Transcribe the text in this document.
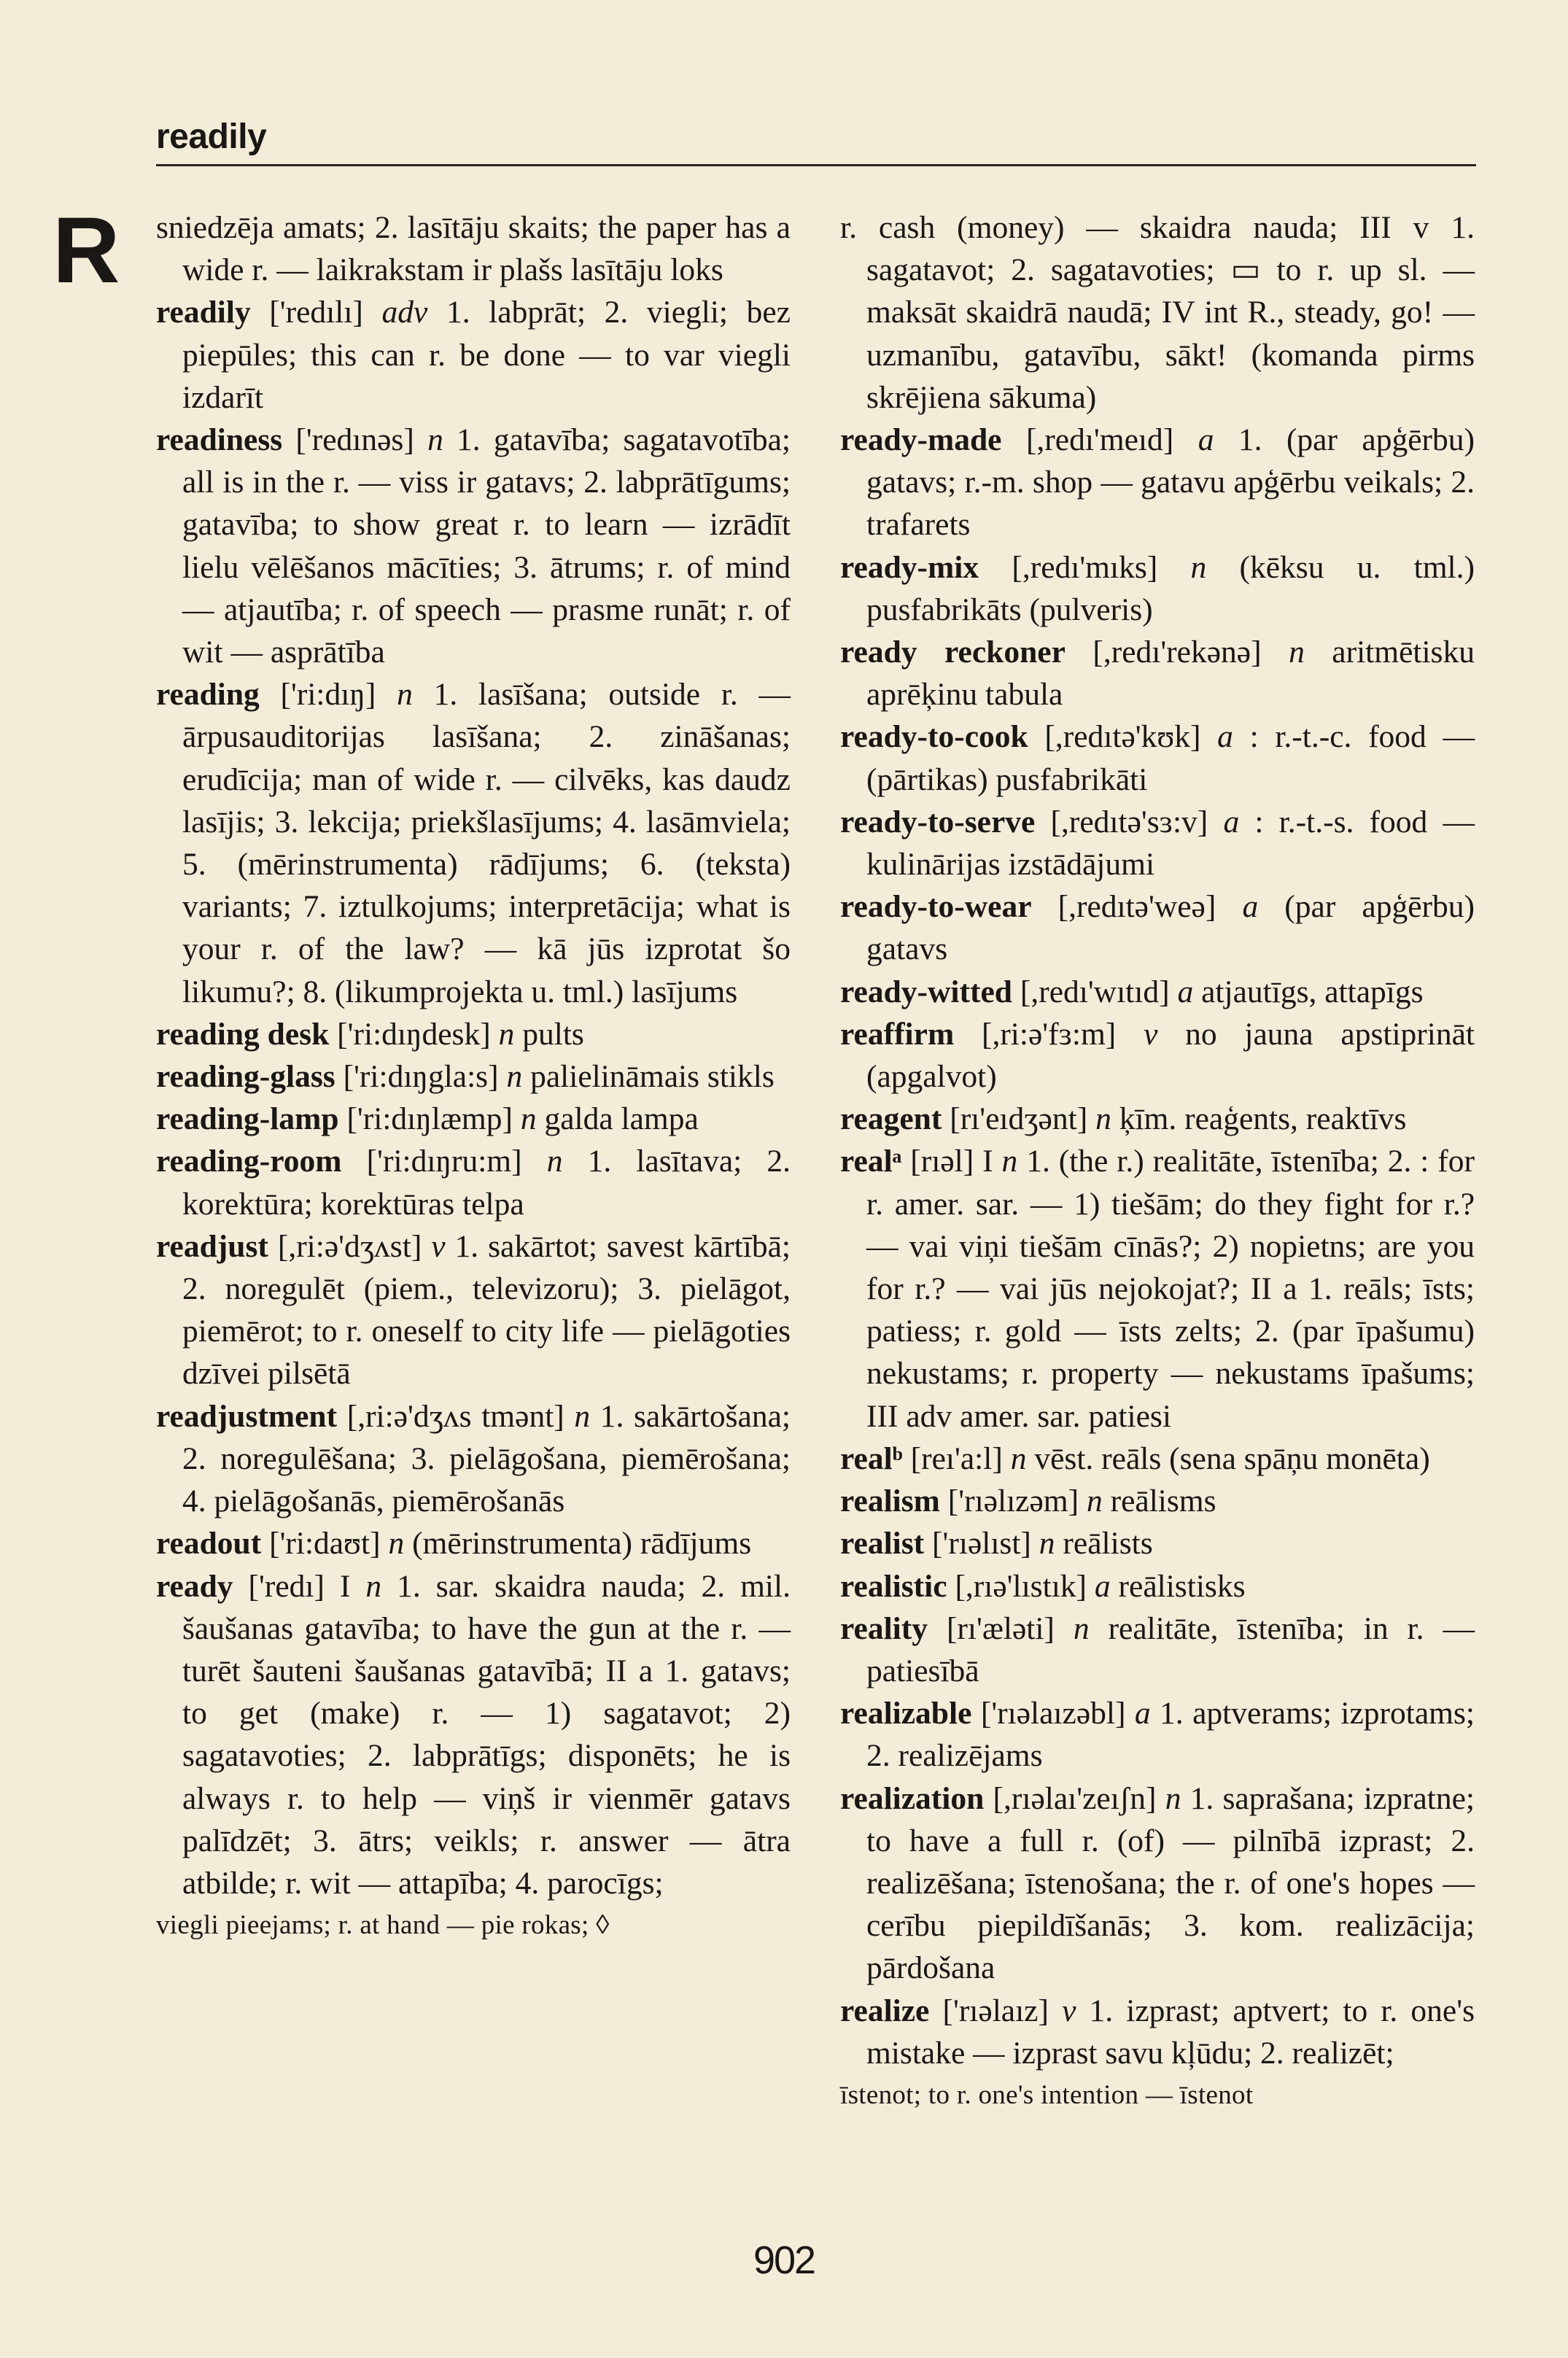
readily
R sniedzēja amats; 2. lasītāju skaits; the paper has a wide r. — laikrakstam ir plašs lasītāju loks

readily ['redılı] adv 1. labprāt; 2. viegli; bez piepūles; this can r. be done — to var viegli izdarīt

readiness ['redınəs] n 1. gatavība; sagatavotība; all is in the r. — viss ir gatavs; 2. labprātīgums; gatavība; to show great r. to learn — izrādīt lielu vēlēšanos mācīties; 3. ātrums; r. of mind — atjautība; r. of speech — prasme runāt; r. of wit — asprātība

reading ['ri:dıŋ] n 1. lasīšana; outside r. — ārpusauditorijas lasīšana; 2. zināšanas; erudīcija; man of wide r. — cilvēks, kas daudz lasījis; 3. lekcija; priekšlasījums; 4. lasāmviela; 5. (mērinstrumenta) rādījums; 6. (teksta) variants; 7. iztulkojums; interpretācija; what is your r. of the law? — kā jūs izprotat šo likumu?; 8. (likumprojekta u. tml.) lasījums

reading desk ['ri:dıŋdesk] n pults

reading-glass ['ri:dıŋgla:s] n palielināmais stikls

reading-lamp ['ri:dıŋlæmp] n galda lampa

reading-room ['ri:dıŋru:m] n 1. lasītava; 2. korektūra; korektūras telpa

readjust [,ri:ə'dʒʌst] v 1. sakārtot; savest kārtībā; 2. noregulēt (piem., televizoru); 3. pielāgot, piemērot; to r. oneself to city life — pielāgoties dzīvei pilsētā

readjustment [,ri:ə'dʒʌs tmənt] n 1. sakārtošana; 2. noregulēšana; 3. pielāgošana, piemērošana; 4. pielāgošanās, piemērošanās

readout ['ri:daʊt] n (mērinstrumenta) rādījums

ready ['redı] I n 1. sar. skaidra nauda; 2. mil. šaušanas gatavība; to have the gun at the r. — turēt šauteni šaušanas gatavībā; II a 1. gatavs; to get (make) r. — 1) sagatavot; 2) sagatavoties; 2. labprātīgs; disponēts; he is always r. to help — viņš ir vienmēr gatavs palīdzēt; 3. ātrs; veikls; r. answer — ātra atbilde; r. wit — attapība; 4. parocīgs;

viegli pieejams; r. at hand — pie rokas; ◊

r. cash (money) — skaidra nauda; III v 1. sagatavot; 2. sagatavoties; ▭ to r. up sl. — maksāt skaidrā naudā; IV int R., steady, go! — uzmanību, gatavību, sākt! (komanda pirms skrējiena sākuma)

ready-made [,redı'meıd] a 1. (par apģērbu) gatavs; r.-m. shop — gatavu apģērbu veikals; 2. trafarets

ready-mix [,redı'mıks] n (kēksu u. tml.) pusfabrikāts (pulveris)

ready reckoner [,redı'rekənə] n aritmētisku aprēķinu tabula

ready-to-cook [,redıtə'kʊk] a : r.-t.-c. food — (pārtikas) pusfabrikāti

ready-to-serve [,redıtə'sɜ:v] a : r.-t.-s. food — kulinārijas izstādājumi

ready-to-wear [,redıtə'weə] a (par apģērbu) gatavs

ready-witted [,redı'wıtıd] a atjautīgs, attapīgs

reaffirm [,ri:ə'fɜ:m] v no jauna apstiprināt (apgalvot)

reagent [rı'eıdʒənt] n ķīm. reaģents, reaktīvs

realᵃ [rıəl] I n 1. (the r.) realitāte, īstenība; 2. : for r. amer. sar. — 1) tiešām; do they fight for r.? — vai viņi tiešām cīnās?; 2) nopietns; are you for r.? — vai jūs nejokojat?; II a 1. reāls; īsts; patiess; r. gold — īsts zelts; 2. (par īpašumu) nekustams; r. property — nekustams īpašums; III adv amer. sar. patiesi

realᵇ [reı'a:l] n vēst. reāls (sena spāņu monēta)

realism ['rıəlızəm] n reālisms

realist ['rıəlıst] n reālists

realistic [,rıə'lıstık] a reālistisks

reality [rı'æləti] n realitāte, īstenība; in r. — patiesībā

realizable ['rıəlaızəbl] a 1. aptverams; izprotams; 2. realizējams

realization [,rıəlaı'zeıʃn] n 1. saprašana; izpratne; to have a full r. (of) — pilnībā izprast; 2. realizēšana; īstenošana; the r. of one's hopes — cerību piepildīšanās; 3. kom. realizācija; pārdošana

realize ['rıəlaız] v 1. izprast; aptvert; to r. one's mistake — izprast savu kļūdu; 2. realizēt;

īstenot; to r. one's intention — īstenot

902
